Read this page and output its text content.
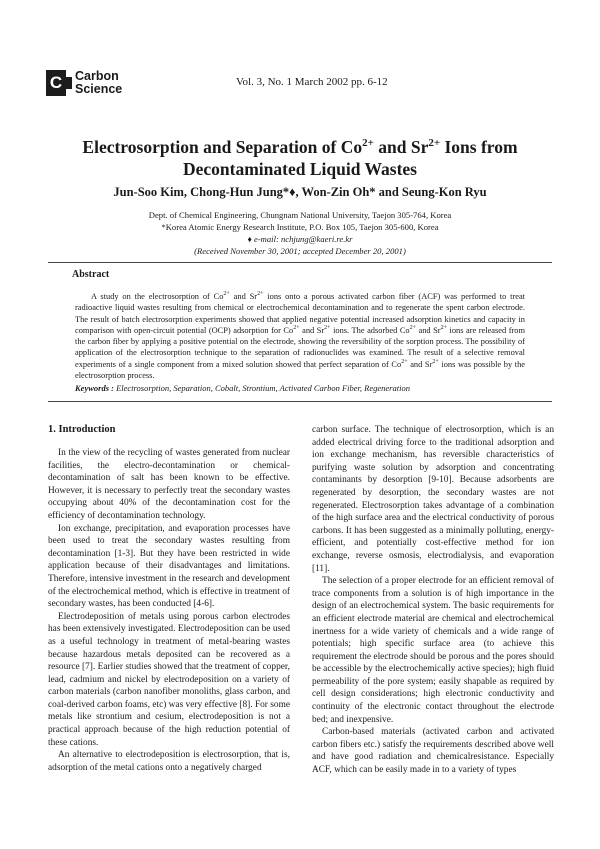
C	Carbon
Science	Vol. 3, No. 1 March 2002 pp. 6-12
Electrosorption and Separation of $Co^{2+}$ and $Sr^{2+}$ Ions from
Decontaminated Liquid Wastes
Jun-Soo Kim, Chong-Hun Jung*♦, Won-Zin Oh* and Seung-Kon Ryu
Dept. of Chemical Engineering, Chungnam National University, Taejon 305-764, Korea
*Korea Atomic Energy Research Institute, P.O. Box 105, Taejon 305-600, Korea
♦ e-mail: nchjung@kaeri.re.kr
(Received November 30, 2001; accepted December 20, 2001)
Abstract
A study on the electrosorption of $Co^{2+}$ and $Sr^{2+}$ ions onto a porous activated carbon fiber (ACF) was performed to treat radioactive liquid wastes resulting from chemical or electrochemical decontamination and to regenerate the spent carbon electrode. The result of batch electrosorption experiments showed that applied negative potential increased adsorption kinetics and capacity in comparison with open-circuit potential (OCP) adsorption for $Co^{2+}$ and $Sr^{2+}$ ions. The adsorbed $Co^{2+}$ and $Sr^{2+}$ ions are released from the carbon fiber by applying a positive potential on the electrode, showing the reversibility of the sorption process. The possibility of application of the electrosorption technique to the separation of radionuclides was examined. The result of a selective removal experiments of a single component from a mixed solution showed that perfect separation of $Co^{2+}$ and $Sr^{2+}$ ions was possible by the electrosorption process.
Keywords : Electrosorption, Separation, Cobalt, Strontium, Activated Carbon Fiber, Regeneration
1. Introduction

In the view of the recycling of wastes generated from nuclear facilities, the electro-decontamination or chemical-decontamination of salt has been known to be effective. However, it is necessary to perfectly treat the secondary wastes occupying about 40% of the decontamination cost for the efficiency of decontamination technology.

Ion exchange, precipitation, and evaporation processes have been used to treat the secondary wastes resulting from decontamination [1-3]. But they have been restricted in wide application because of their disadvantages and limitations. Therefore, intensive investment in the research and development of the electrochemical method, which is effective in treatment of secondary wastes, has been conducted [4-6].

Electrodeposition of metals using porous carbon electrodes has been extensively investigated. Electrodeposition can be used as a useful technology in treatment of metal-bearing wastes because hazardous metals deposited can be recovered as a resource [7]. Earlier studies showed that the treatment of copper, lead, cadmium and nickel by electrodeposition on a variety of carbon materials (carbon nanofiber monoliths, glass carbon, and coal-derived carbon foams, etc) was very effective [8]. For some metals like strontium and cesium, electrodeposition is not a practical approach because of the high reduction potential of these cations.

An alternative to electrodeposition is electrosorption, that is, adsorption of the metal cations onto a negatively charged

carbon surface. The technique of electrosorption, which is an added electrical driving force to the traditional adsorption and ion exchange mechanism, has reversible characteristics of purifying waste solution by adsorption and concentrating contaminants by desorption [9-10]. Because adsorbents are regenerated by desorption, the secondary wastes are not regenerated. Electrosorption takes advantage of a combination of the high surface area and the electrical conductivity of porous carbons. It has been suggested as a minimally polluting, energy-efficient, and potentially cost-effective method for ion exchange, reverse osmosis, electrodialysis, and evaporation [11].

The selection of a proper electrode for an efficient removal of trace components from a solution is of high importance in the design of an electrochemical system. The basic requirements for an efficient electrode material are chemical and electrochemical inertness for a wide variety of chemicals and a wide range of potentials; high specific surface area (to achieve this requirement the electrode should be porous and the pores should be accessible by the electrochemically active species); high fluid permeability of the pore system; easily shapable as required by cell design considerations; high electronic conductivity and continuity of the electronic contact throughout the electrode bed; and inexpensive.

Carbon-based materials (activated carbon and activated carbon fibers etc.) satisfy the requirements described above well and have good radiation and chemicalresistance. Especially ACF, which can be easily made in to a variety of types
